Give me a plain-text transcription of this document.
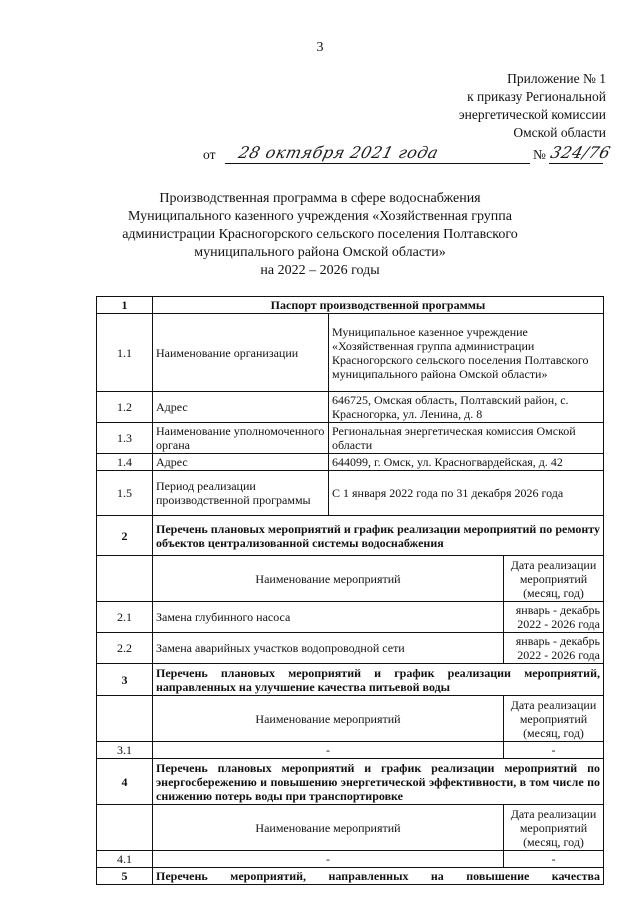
3
Приложение № 1
к приказу Региональной
энергетической комиссии
Омской области
от 28 октября 2021 года	№ 324/76
Производственная программа в сфере водоснабжения
Муниципального казенного учреждения «Хозяйственная группа
администрации Красногорского сельского поселения Полтавского
муниципального района Омской области»
на 2022 – 2026 годы
1	Паспорт производственной программы		
1.1	Наименование организации	Муниципальное казенное учреждение «Хозяйственная группа администрации Красногорского сельского поселения Полтавского муниципального района Омской области»	
1.2	Адрес	646725, Омская область, Полтавский район, с. Красногорка, ул. Ленина, д. 8	
1.3	Наименование уполномоченного органа	Региональная энергетическая комиссия Омской области	
1.4	Адрес	644099, г. Омск, ул. Красногвардейская, д. 42	
1.5	Период реализации производственной программы	С 1 января 2022 года по 31 декабря 2026 года	
2	Перечень плановых мероприятий и график реализации мероприятий по ремонту объектов централизованной системы водоснабжения		
	Наименование мероприятий		Дата реализации мероприятий (месяц, год)
2.1	Замена глубинного насоса		январь - декабрь 2022 - 2026 года
2.2	Замена аварийных участков водопроводной сети		январь - декабрь 2022 - 2026 года
3	Перечень плановых мероприятий и график реализации мероприятий, направленных на улучшение качества питьевой воды		
	Наименование мероприятий		Дата реализации мероприятий (месяц, год)
3.1	-		-
4	Перечень плановых мероприятий и график реализации мероприятий по энергосбережению и повышению энергетической эффективности, в том числе по снижению потерь воды при транспортировке		
	Наименование мероприятий		Дата реализации мероприятий (месяц, год)
4.1	-		-
5	Перечень мероприятий, направленных на повышение качества		
